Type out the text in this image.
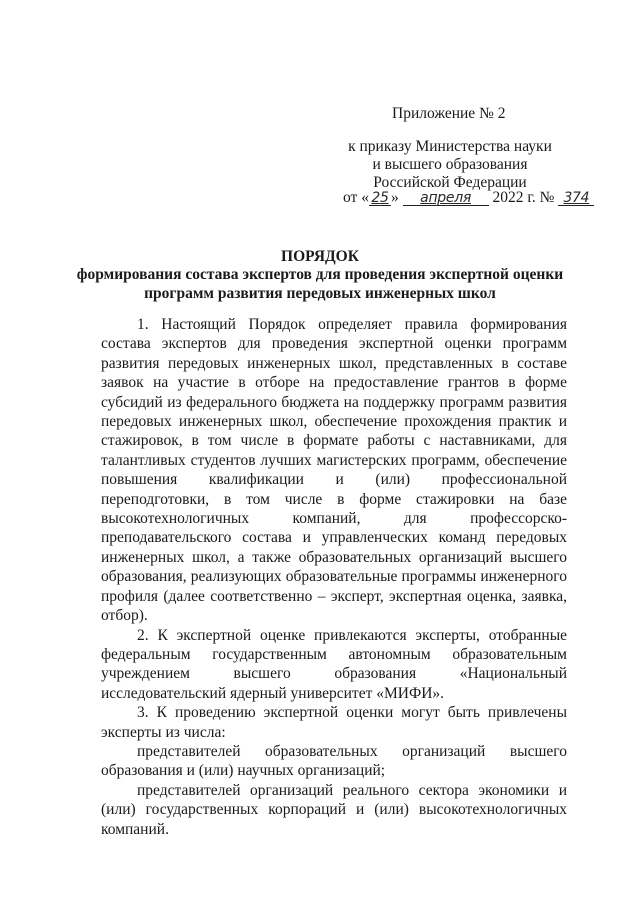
Приложение № 2
к приказу Министерства науки
и высшего образования
Российской Федерации
от « 25 » апреля 2022 г. № 374
ПОРЯДОК
формирования состава экспертов для проведения экспертной оценки
программ развития передовых инженерных школ

1. Настоящий Порядок определяет правила формирования состава экспертов для проведения экспертной оценки программ развития передовых инженерных школ, представленных в составе заявок на участие в отборе на предоставление грантов в форме субсидий из федерального бюджета на поддержку программ развития передовых инженерных школ, обеспечение прохождения практик и стажировок, в том числе в формате работы с наставниками, для талантливых студентов лучших магистерских программ, обеспечение повышения квалификации и (или) профессиональной переподготовки, в том числе в форме стажировки на базе высокотехнологичных компаний, для профессорско-преподавательского состава и управленческих команд передовых инженерных школ, а также образовательных организаций высшего образования, реализующих образовательные программы инженерного профиля (далее соответственно – эксперт, экспертная оценка, заявка, отбор).

2. К экспертной оценке привлекаются эксперты, отобранные федеральным государственным автономным образовательным учреждением высшего образования «Национальный исследовательский ядерный университет «МИФИ».

3. К проведению экспертной оценки могут быть привлечены эксперты из числа:

представителей образовательных организаций высшего образования и (или) научных организаций;

представителей организаций реального сектора экономики и (или) государственных корпораций и (или) высокотехнологичных компаний.
